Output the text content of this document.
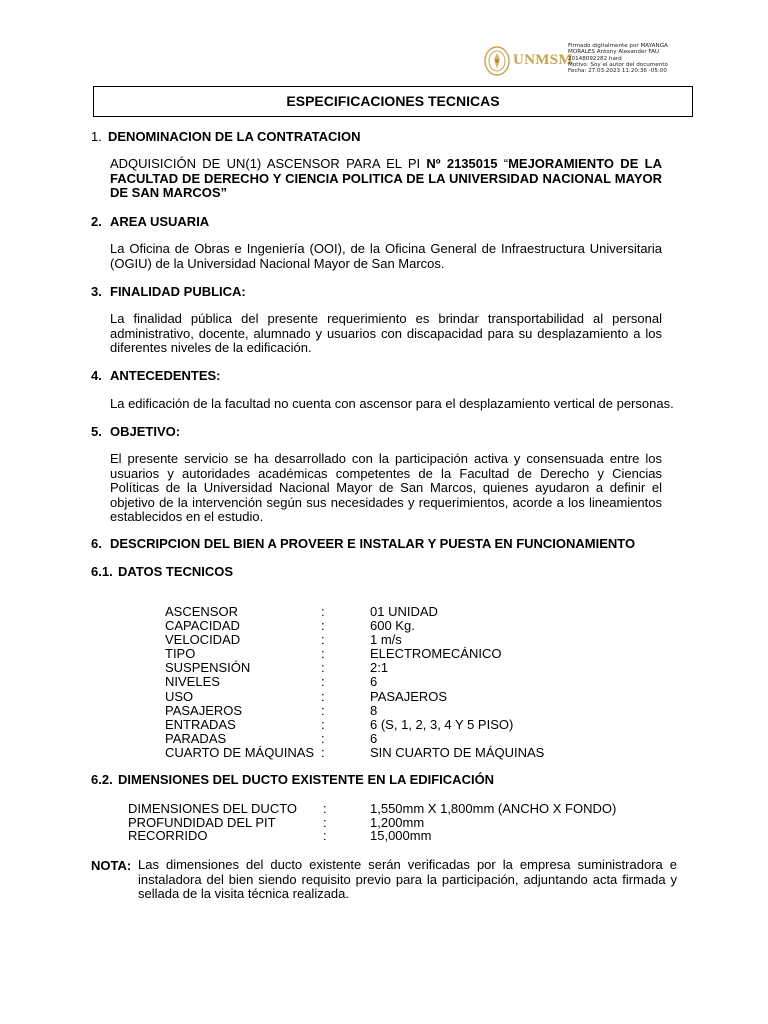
UNMSM
Firmado digitalmente por MAYANGA
MORALES Antony Alexander FAU
20148092282 hard
Motivo: Soy el autor del documento
Fecha: 27.03.2023 11:20:36 -05:00
ESPECIFICACIONES TECNICAS
1. DENOMINACION DE LA CONTRATACION
ADQUISICIÓN DE UN(1) ASCENSOR PARA EL PI Nº 2135015 “MEJORAMIENTO DE LA FACULTAD DE DERECHO Y CIENCIA POLITICA DE LA UNIVERSIDAD NACIONAL MAYOR DE SAN MARCOS”
2. AREA USUARIA
La Oficina de Obras e Ingeniería (OOI), de la Oficina General de Infraestructura Universitaria (OGIU) de la Universidad Nacional Mayor de San Marcos.
3. FINALIDAD PUBLICA:
La finalidad pública del presente requerimiento es brindar transportabilidad al personal administrativo, docente, alumnado y usuarios con discapacidad para su desplazamiento a los diferentes niveles de la edificación.
4. ANTECEDENTES:
La edificación de la facultad no cuenta con ascensor para el desplazamiento vertical de personas.
5. OBJETIVO:
El presente servicio se ha desarrollado con la participación activa y consensuada entre los usuarios y autoridades académicas competentes de la Facultad de Derecho y Ciencias Políticas de la Universidad Nacional Mayor de San Marcos, quienes ayudaron a definir el objetivo de la intervención según sus necesidades y requerimientos, acorde a los lineamientos establecidos en el estudio.
6. DESCRIPCION DEL BIEN A PROVEER E INSTALAR Y PUESTA EN FUNCIONAMIENTO
6.1. DATOS TECNICOS
ASCENSOR	:	01 UNIDAD
CAPACIDAD	:	600 Kg.
VELOCIDAD	:	1 m/s
TIPO	:	ELECTROMECÁNICO
SUSPENSIÓN	:	2:1
NIVELES	:	6
USO	:	PASAJEROS
PASAJEROS	:	8
ENTRADAS	:	6 (S, 1, 2, 3, 4 Y 5 PISO)
PARADAS	:	6
CUARTO DE MÁQUINAS :	SIN CUARTO DE MÁQUINAS
6.2. DIMENSIONES DEL DUCTO EXISTENTE EN LA EDIFICACIÓN
DIMENSIONES DEL DUCTO :	1,550mm X 1,800mm (ANCHO X FONDO)
PROFUNDIDAD DEL PIT	:	1,200mm
RECORRIDO	:	15,000mm
NOTA: Las dimensiones del ducto existente serán verificadas por la empresa suministradora e instaladora del bien siendo requisito previo para la participación, adjuntando acta firmada y sellada de la visita técnica realizada.
